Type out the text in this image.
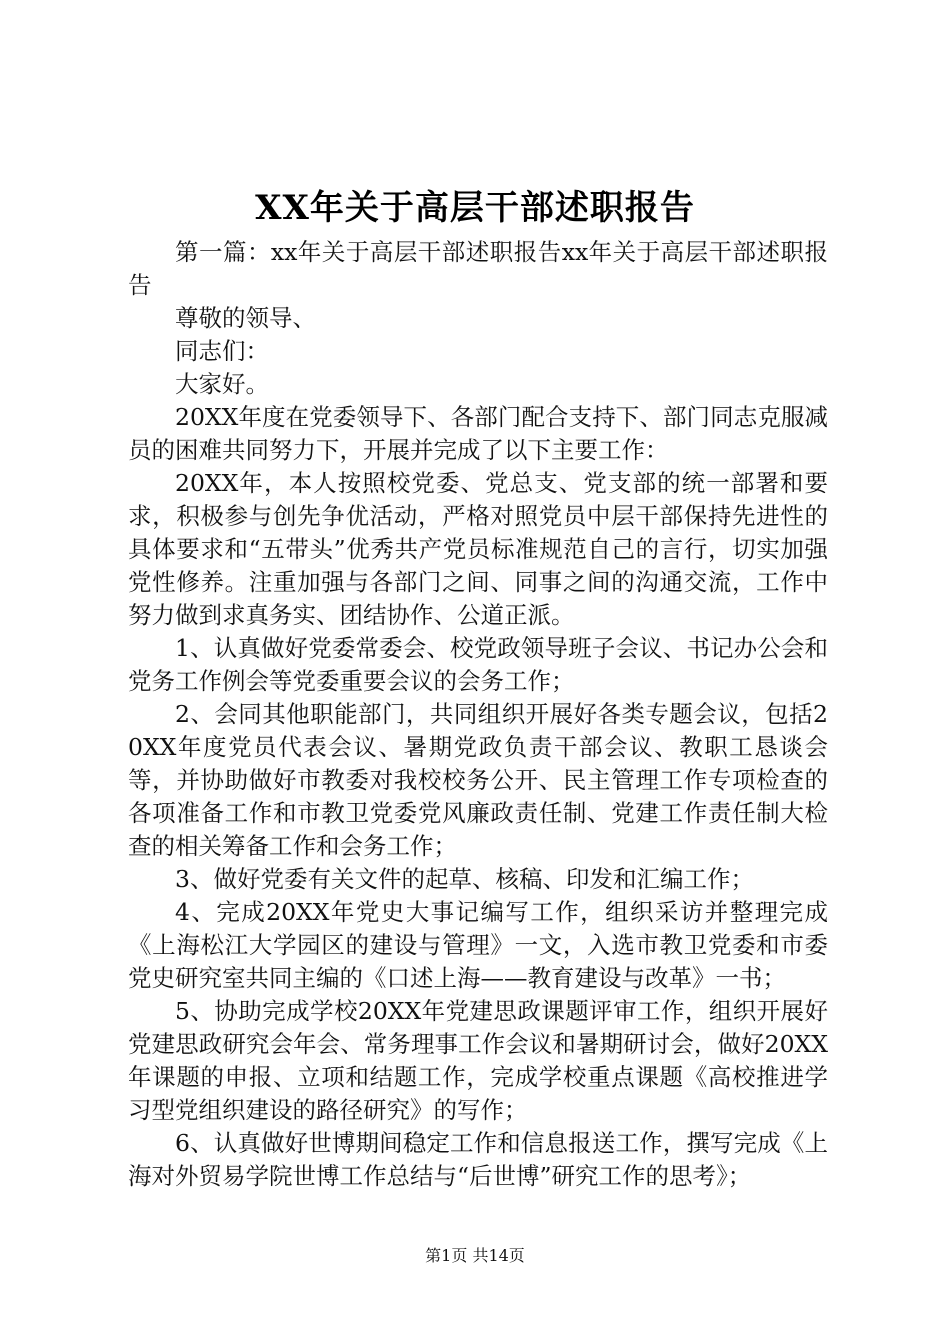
XX年关于高层干部述职报告

第一篇：xx年关于高层干部述职报告xx年关于高层干部述职报告

尊敬的领导、

同志们：

大家好。

20XX年度在党委领导下、各部门配合支持下、部门同志克服减员的困难共同努力下，开展并完成了以下主要工作：

20XX年，本人按照校党委、党总支、党支部的统一部署和要求，积极参与创先争优活动，严格对照党员中层干部保持先进性的具体要求和“五带头”优秀共产党员标准规范自己的言行，切实加强党性修养。注重加强与各部门之间、同事之间的沟通交流，工作中努力做到求真务实、团结协作、公道正派。

1、认真做好党委常委会、校党政领导班子会议、书记办公会和党务工作例会等党委重要会议的会务工作；

2、会同其他职能部门，共同组织开展好各类专题会议，包括20XX年度党员代表会议、暑期党政负责干部会议、教职工恳谈会等，并协助做好市教委对我校校务公开、民主管理工作专项检查的各项准备工作和市教卫党委党风廉政责任制、党建工作责任制大检查的相关筹备工作和会务工作；

3、做好党委有关文件的起草、核稿、印发和汇编工作；

4、完成20XX年党史大事记编写工作，组织采访并整理完成《上海松江大学园区的建设与管理》一文，入选市教卫党委和市委党史研究室共同主编的《口述上海——教育建设与改革》一书；

5、协助完成学校20XX年党建思政课题评审工作，组织开展好党建思政研究会年会、常务理事工作会议和暑期研讨会，做好20XX年课题的申报、立项和结题工作，完成学校重点课题《高校推进学习型党组织建设的路径研究》的写作；

6、认真做好世博期间稳定工作和信息报送工作，撰写完成《上海对外贸易学院世博工作总结与“后世博”研究工作的思考》；

第1页 共14页
